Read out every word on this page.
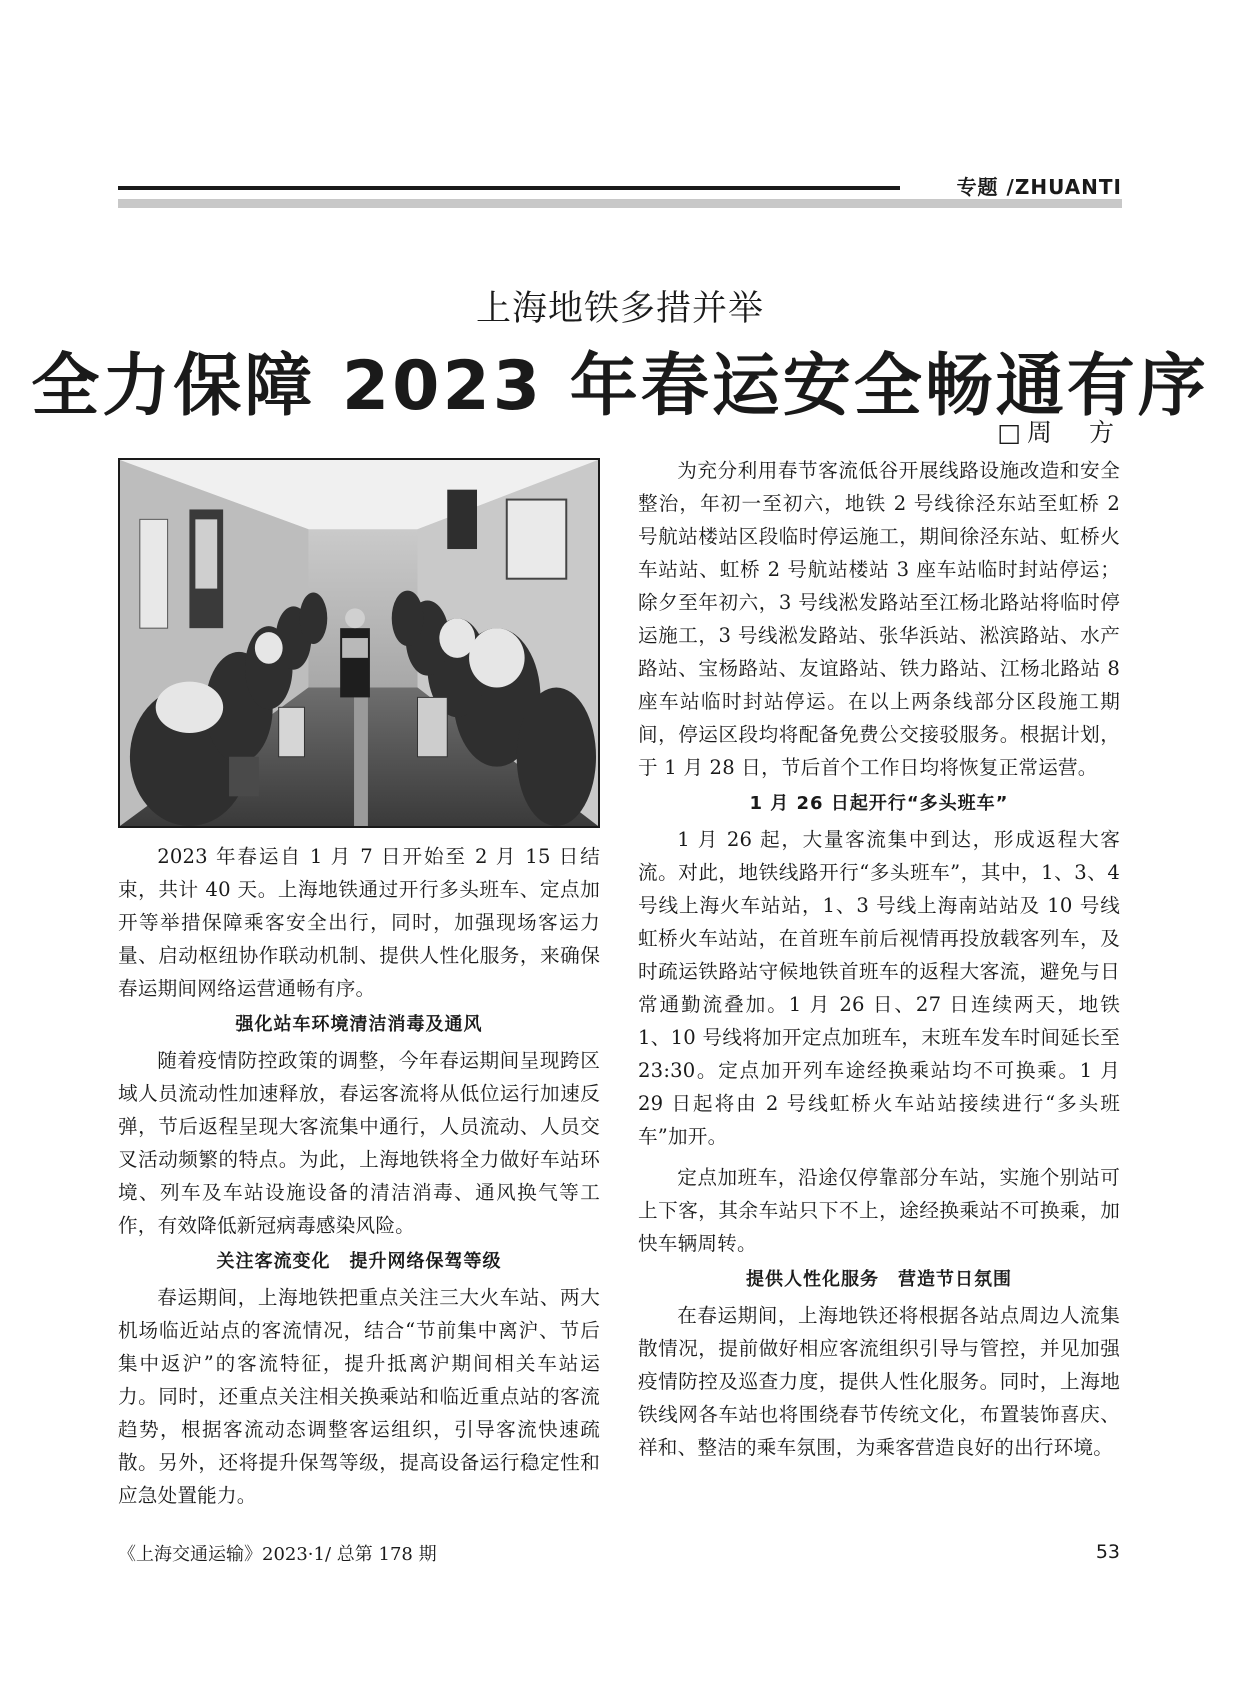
专题 /ZHUANTI
上海地铁多措并举
全力保障 2023 年春运安全畅通有序
□周　方

2023 年春运自 1 月 7 日开始至 2 月 15 日结束，共计 40 天。上海地铁通过开行多头班车、定点加开等举措保障乘客安全出行，同时，加强现场客运力量、启动枢纽协作联动机制、提供人性化服务，来确保春运期间网络运营通畅有序。

强化站车环境清洁消毒及通风

随着疫情防控政策的调整，今年春运期间呈现跨区域人员流动性加速释放，春运客流将从低位运行加速反弹，节后返程呈现大客流集中通行，人员流动、人员交叉活动频繁的特点。为此，上海地铁将全力做好车站环境、列车及车站设施设备的清洁消毒、通风换气等工作，有效降低新冠病毒感染风险。

关注客流变化　提升网络保驾等级

春运期间，上海地铁把重点关注三大火车站、两大机场临近站点的客流情况，结合“节前集中离沪、节后集中返沪”的客流特征，提升抵离沪期间相关车站运力。同时，还重点关注相关换乘站和临近重点站的客流趋势，根据客流动态调整客运组织，引导客流快速疏散。另外，还将提升保驾等级，提高设备运行稳定性和应急处置能力。

为充分利用春节客流低谷开展线路设施改造和安全整治，年初一至初六，地铁 2 号线徐泾东站至虹桥 2 号航站楼站区段临时停运施工，期间徐泾东站、虹桥火车站站、虹桥 2 号航站楼站 3 座车站临时封站停运；除夕至年初六，3 号线淞发路站至江杨北路站将临时停运施工，3 号线淞发路站、张华浜站、淞滨路站、水产路站、宝杨路站、友谊路站、铁力路站、江杨北路站 8 座车站临时封站停运。在以上两条线部分区段施工期间，停运区段均将配备免费公交接驳服务。根据计划，于 1 月 28 日，节后首个工作日均将恢复正常运营。

1 月 26 日起开行“多头班车”

1 月 26 起，大量客流集中到达，形成返程大客流。对此，地铁线路开行“多头班车”，其中，1、3、4 号线上海火车站站，1、3 号线上海南站站及 10 号线虹桥火车站站，在首班车前后视情再投放载客列车，及时疏运铁路站守候地铁首班车的返程大客流，避免与日常通勤流叠加。1 月 26 日、27 日连续两天，地铁 1、10 号线将加开定点加班车，末班车发车时间延长至 23:30。定点加开列车途经换乘站均不可换乘。1 月 29 日起将由 2 号线虹桥火车站站接续进行“多头班车”加开。

定点加班车，沿途仅停靠部分车站，实施个别站可上下客，其余车站只下不上，途经换乘站不可换乘，加快车辆周转。

提供人性化服务　营造节日氛围

在春运期间，上海地铁还将根据各站点周边人流集散情况，提前做好相应客流组织引导与管控，并见加强疫情防控及巡查力度，提供人性化服务。同时，上海地铁线网各车站也将围绕春节传统文化，布置装饰喜庆、祥和、整洁的乘车氛围，为乘客营造良好的出行环境。

《上海交通运输》2023·1/ 总第 178 期	53
